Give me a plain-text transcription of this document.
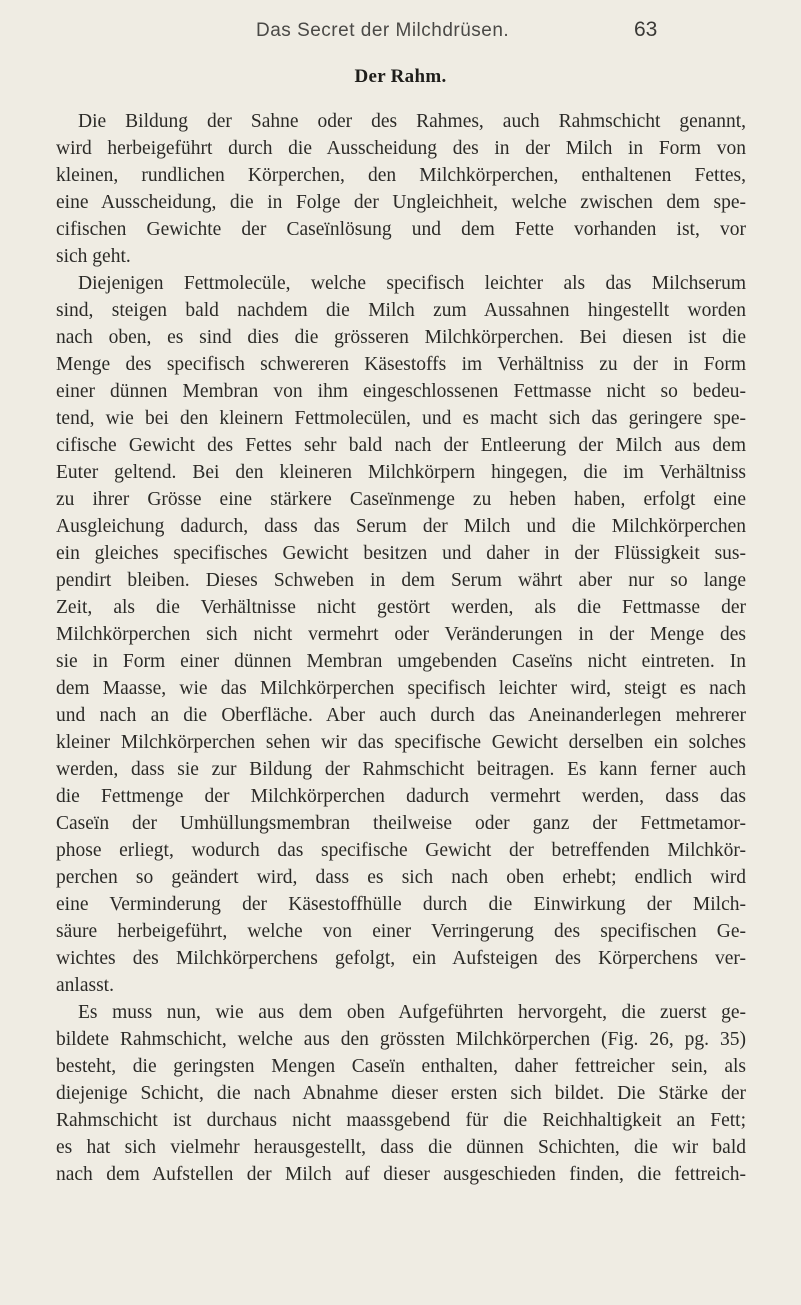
Das Secret der Milchdrüsen.	63
Der Rahm.
Die Bildung der Sahne oder des Rahmes, auch Rahmschicht genannt,
wird herbeigeführt durch die Ausscheidung des in der Milch in Form von
kleinen, rundlichen Körperchen, den Milchkörperchen, enthaltenen Fettes,
eine Ausscheidung, die in Folge der Ungleichheit, welche zwischen dem spe-
cifischen Gewichte der Caseïnlösung und dem Fette vorhanden ist, vor
sich geht.
Diejenigen Fettmolecüle, welche specifisch leichter als das Milchserum
sind, steigen bald nachdem die Milch zum Aussahnen hingestellt worden
nach oben, es sind dies die grösseren Milchkörperchen. Bei diesen ist die
Menge des specifisch schwereren Käsestoffs im Verhältniss zu der in Form
einer dünnen Membran von ihm eingeschlossenen Fettmasse nicht so bedeu-
tend, wie bei den kleinern Fettmolecülen, und es macht sich das geringere spe-
cifische Gewicht des Fettes sehr bald nach der Entleerung der Milch aus dem
Euter geltend. Bei den kleineren Milchkörpern hingegen, die im Verhältniss
zu ihrer Grösse eine stärkere Caseïnmenge zu heben haben, erfolgt eine
Ausgleichung dadurch, dass das Serum der Milch und die Milchkörperchen
ein gleiches specifisches Gewicht besitzen und daher in der Flüssigkeit sus-
pendirt bleiben. Dieses Schweben in dem Serum währt aber nur so lange
Zeit, als die Verhältnisse nicht gestört werden, als die Fettmasse der
Milchkörperchen sich nicht vermehrt oder Veränderungen in der Menge des
sie in Form einer dünnen Membran umgebenden Caseïns nicht eintreten. In
dem Maasse, wie das Milchkörperchen specifisch leichter wird, steigt es nach
und nach an die Oberfläche. Aber auch durch das Aneinanderlegen mehrerer
kleiner Milchkörperchen sehen wir das specifische Gewicht derselben ein solches
werden, dass sie zur Bildung der Rahmschicht beitragen. Es kann ferner auch
die Fettmenge der Milchkörperchen dadurch vermehrt werden, dass das
Caseïn der Umhüllungsmembran theilweise oder ganz der Fettmetamor-
phose erliegt, wodurch das specifische Gewicht der betreffenden Milchkör-
perchen so geändert wird, dass es sich nach oben erhebt; endlich wird
eine Verminderung der Käsestoffhülle durch die Einwirkung der Milch-
säure herbeigeführt, welche von einer Verringerung des specifischen Ge-
wichtes des Milchkörperchens gefolgt, ein Aufsteigen des Körperchens ver-
anlasst.
Es muss nun, wie aus dem oben Aufgeführten hervorgeht, die zuerst ge-
bildete Rahmschicht, welche aus den grössten Milchkörperchen (Fig. 26, pg. 35)
besteht, die geringsten Mengen Caseïn enthalten, daher fettreicher sein, als
diejenige Schicht, die nach Abnahme dieser ersten sich bildet. Die Stärke der
Rahmschicht ist durchaus nicht maassgebend für die Reichhaltigkeit an Fett;
es hat sich vielmehr herausgestellt, dass die dünnen Schichten, die wir bald
nach dem Aufstellen der Milch auf dieser ausgeschieden finden, die fettreich-
